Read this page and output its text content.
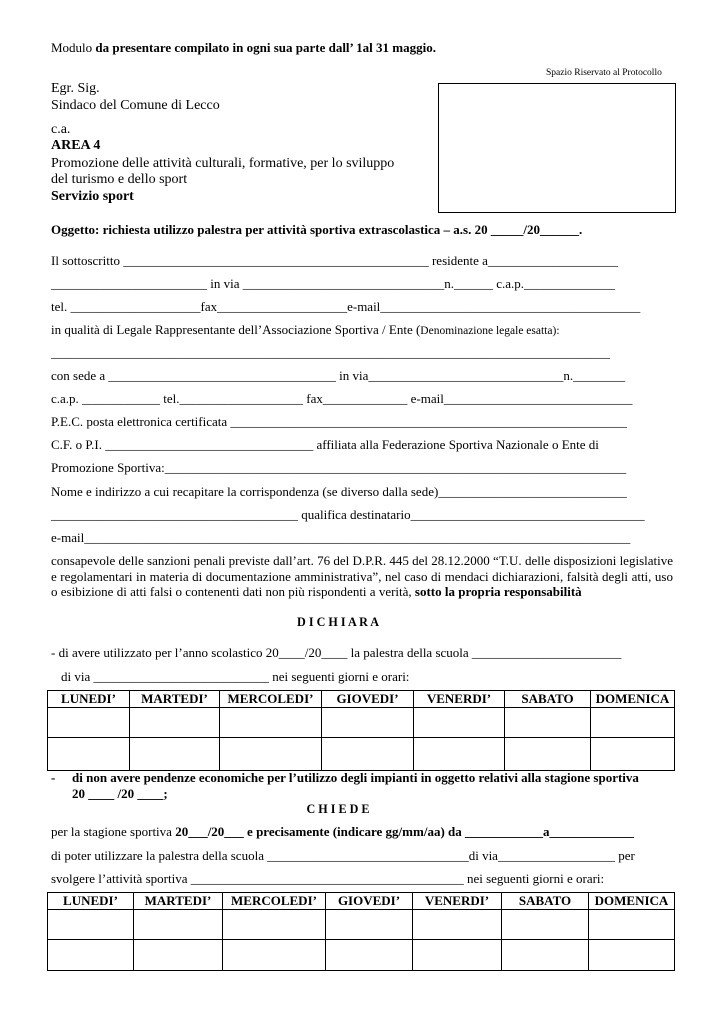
Modulo da presentare compilato in ogni sua parte dall’ 1al 31 maggio.
Spazio Riservato al Protocollo
Egr. Sig.
Sindaco del Comune di Lecco
c.a.
AREA 4
Promozione delle attività culturali, formative, per lo sviluppo
del turismo e dello sport
Servizio sport
Oggetto: richiesta utilizzo palestra per attività sportiva extrascolastica – a.s. 20 _____/20______.
Il sottoscritto _______________________________________________ residente a____________________
________________________ in via _______________________________n.______ c.a.p.______________
tel. ____________________fax____________________e-mail________________________________________
in qualità di Legale Rappresentante dell’Associazione Sportiva / Ente (Denominazione legale esatta):
______________________________________________________________________________________
con sede a ___________________________________ in via______________________________n.________
c.a.p. ____________ tel.___________________ fax_____________ e-mail_____________________________
P.E.C. posta elettronica certificata _____________________________________________________________
C.F. o P.I. ________________________________ affiliata alla Federazione Sportiva Nazionale o Ente di
Promozione Sportiva:_______________________________________________________________________
Nome e indirizzo a cui recapitare la corrispondenza (se diverso dalla sede)_____________________________
______________________________________ qualifica destinatario____________________________________
e-mail____________________________________________________________________________________
consapevole delle sanzioni penali previste dall’art. 76 del D.P.R. 445 del 28.12.2000 “T.U. delle disposizioni legislative e regolamentari in materia di documentazione amministrativa”, nel caso di mendaci dichiarazioni, falsità degli atti, uso o esibizione di atti falsi o contenenti dati non più rispondenti a verità, sotto la propria responsabilità
D I C H I A R A
- di avere utilizzato per l’anno scolastico 20____/20____ la palestra della scuola _______________________
di via ___________________________ nei seguenti giorni e orari:
LUNEDI’	MARTEDI’	MERCOLEDI’	GIOVEDI’	VENERDI’	SABATO	DOMENICA

- di non avere pendenze economiche per l’utilizzo degli impianti in oggetto relativi alla stagione sportiva
20 ____ /20 ____;
C H I E D E
per la stagione sportiva 20___/20___ e precisamente (indicare gg/mm/aa) da ____________a_____________
di poter utilizzare la palestra della scuola _______________________________di via__________________ per
svolgere l’attività sportiva __________________________________________ nei seguenti giorni e orari:
LUNEDI’	MARTEDI’	MERCOLEDI’	GIOVEDI’	VENERDI’	SABATO	DOMENICA
